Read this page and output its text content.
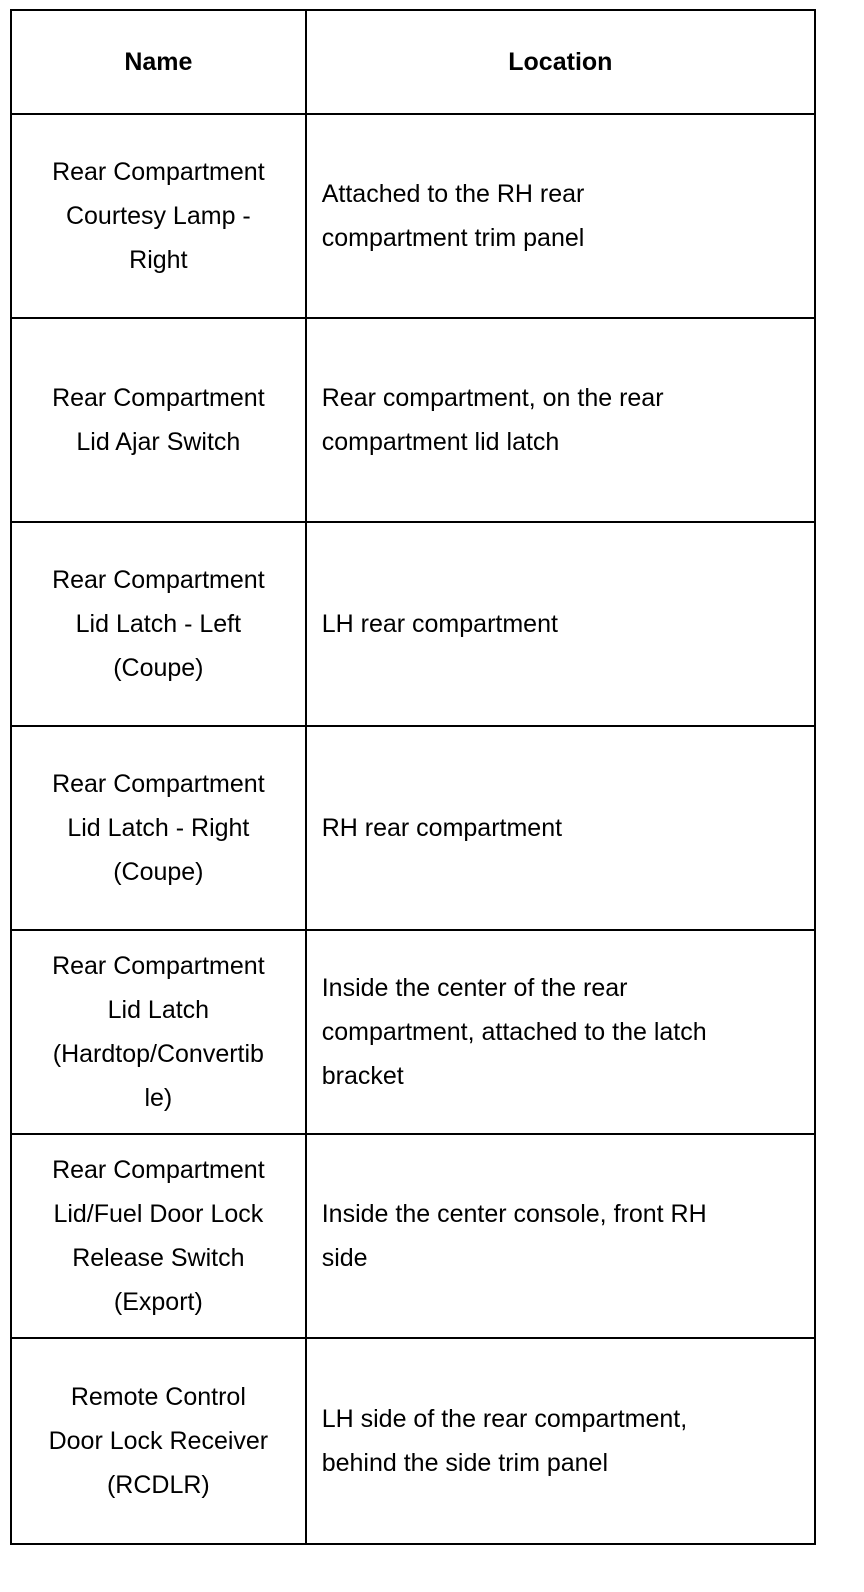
Name	Location

Rear Compartment
Courtesy Lamp -
Right	Attached to the RH rear
compartment trim panel

Rear Compartment
Lid Ajar Switch	Rear compartment, on the rear
compartment lid latch

Rear Compartment
Lid Latch - Left
(Coupe)	LH rear compartment

Rear Compartment
Lid Latch - Right
(Coupe)	RH rear compartment

Rear Compartment
Lid Latch
(Hardtop/Convertib
le)	Inside the center of the rear
compartment, attached to the latch
bracket

Rear Compartment
Lid/Fuel Door Lock
Release Switch
(Export)	Inside the center console, front RH
side

Remote Control
Door Lock Receiver
(RCDLR)	LH side of the rear compartment,
behind the side trim panel
